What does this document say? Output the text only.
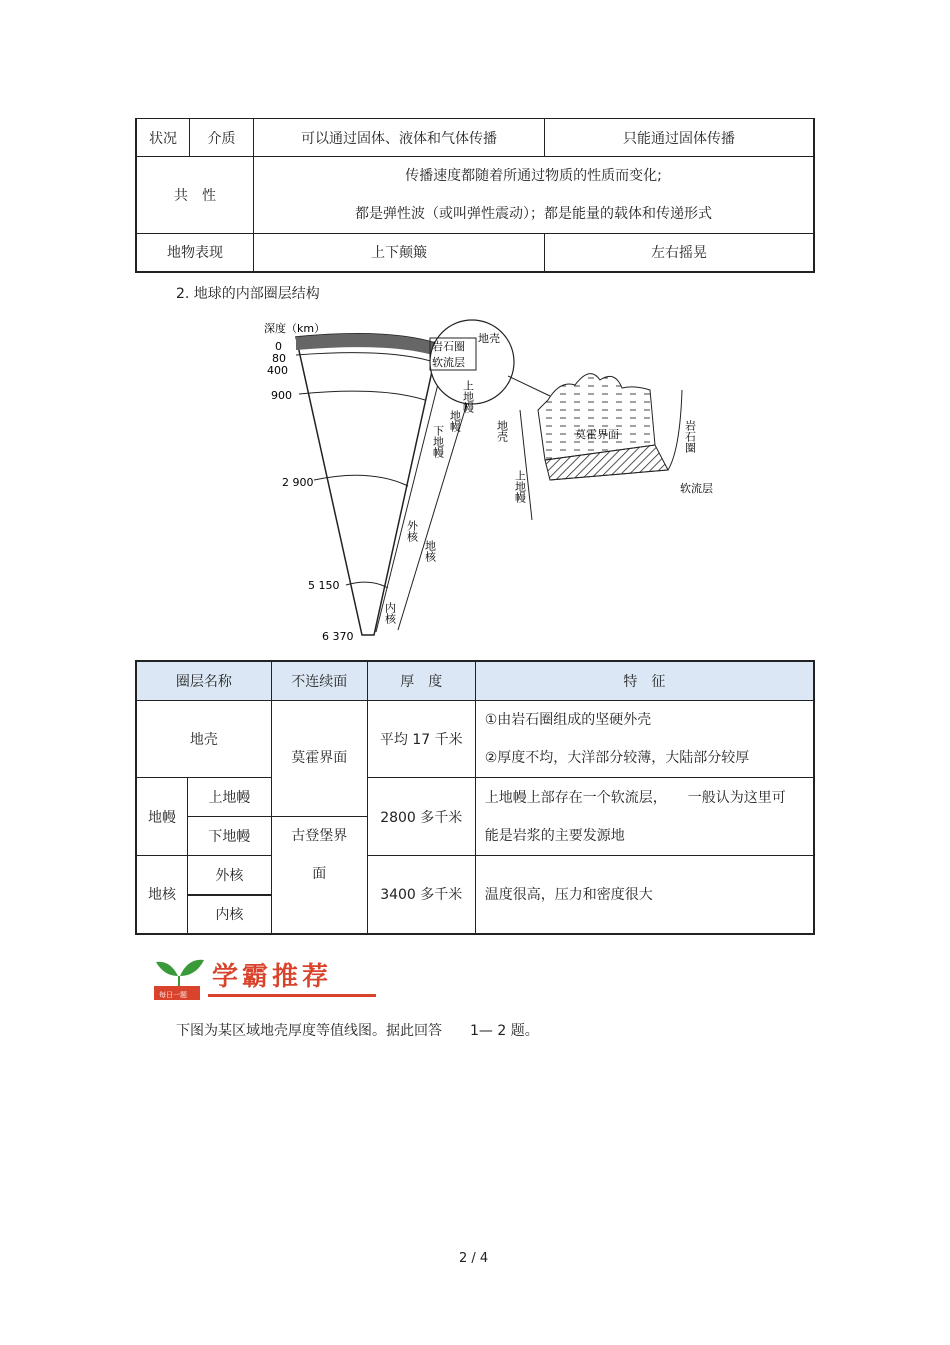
状况	介质	可以通过固体、液体和气体传播	只能通过固体传播
共　性		传播速度都随着所通过物质的性质而变化;
都是弹性波（或叫弹性震动）；都是能量的载体和传递形式	

地物表现		上下颠簸	左右摇晃
2. 地球的内部圈层结构
深度（km）
0
80
400
900
2 900
5 150
6 370
下地幔
地幔
外核
地核
内核
岩石圈
软流层
地壳
上地幔
莫霍界面
地壳
上地幔
岩石圈
软流层
圈层名称		不连续面	厚　度	特　征
地壳		莫霍界面	平均 17 千米	①由岩石圈组成的坚硬外壳
②厚度不均，大洋部分较薄，大陆部分较厚

地幔	上地幔		2800 多千米	上地幔上部存在一个软流层，　　一般认为这里可
能是岩浆的主要发源地

	下地幔	古登堡界
面		

地核	外核		3400 多千米	温度很高，压力和密度很大
	内核			
每日一题
学霸推荐
下图为某区域地壳厚度等值线图。据此回答　　1— 2 题。
2 / 4
